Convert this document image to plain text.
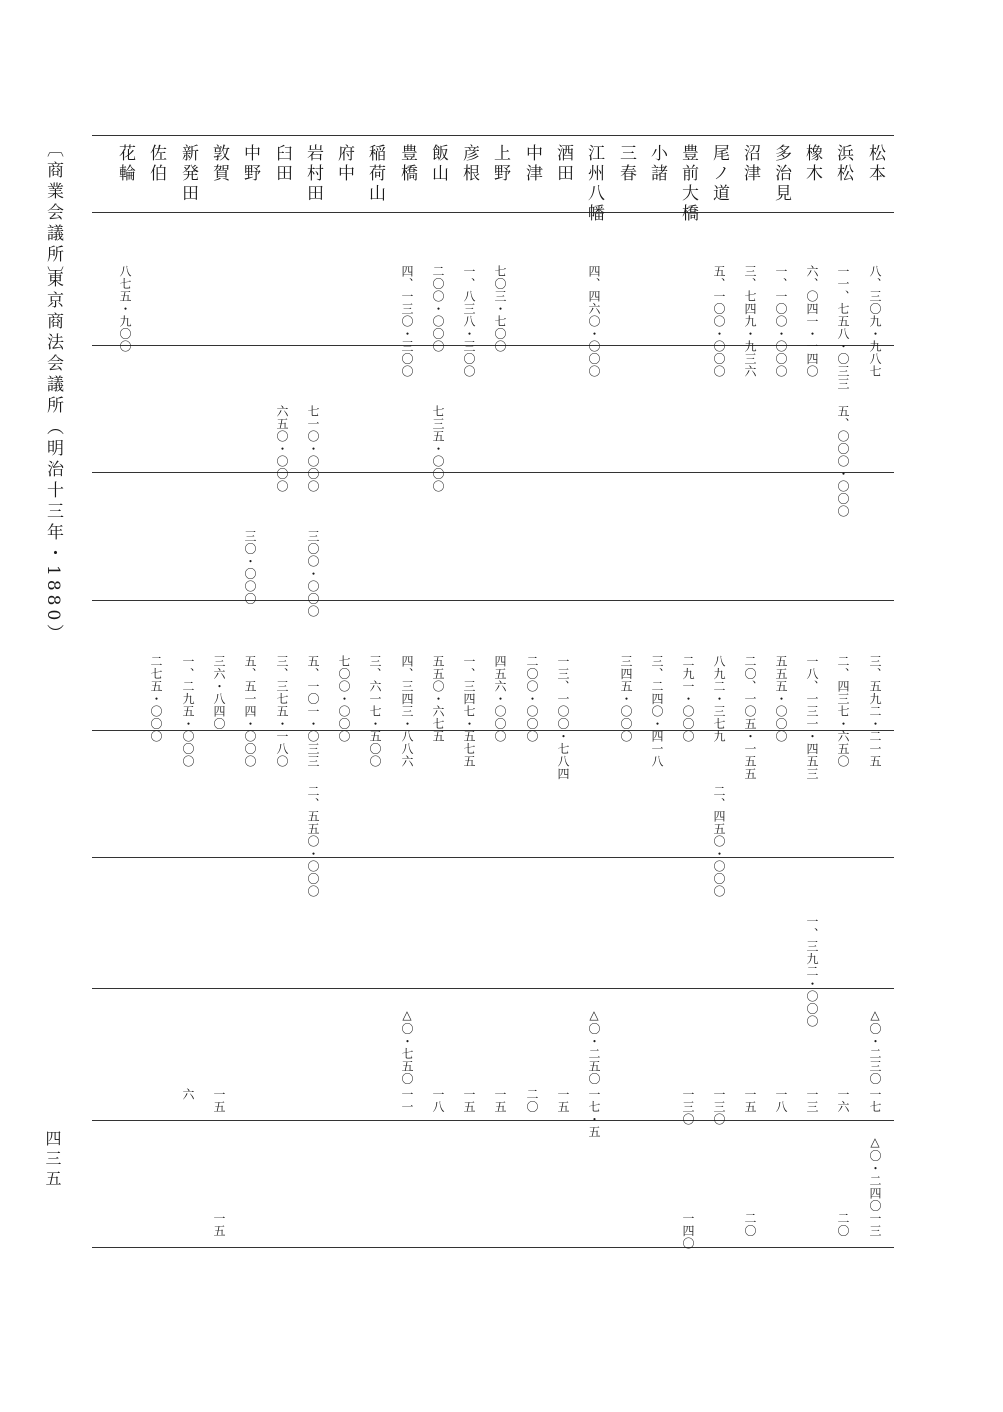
〔商業会議所〕
東京商法会議所
（明治十三年・1880）
四三五
松本
浜松
橡木
多治見
沼津
尾ノ道
豊前大橋
小諸
三春
江州八幡
酒田
中津
上野
彦根
飯山
豊橋
稲荷山
府中
岩村田
臼田
中野
敦賀
新発田
佐伯
花輪
八、三〇九・九八七
一一、七五八・〇三三
六、〇四一・一四〇
一、一〇〇・〇〇〇
三、七四九・九三六
五、一〇〇・〇〇〇
四、四六〇・〇〇〇
七〇三・七〇〇
一、八三八・三〇〇
二〇〇・〇〇〇
四、一三〇・三〇〇
八七五・九〇〇
五、〇〇〇・〇〇〇
七三五・〇〇〇
七一〇・〇〇〇
六五〇・〇〇〇
三〇〇・〇〇〇
三〇・〇〇〇
三、五九二・二一五
二、四三七・六五〇
一八、一三一・四五三
五五五・〇〇〇
二〇、一〇五・一五五
八九二・三七九
二九一・〇〇〇
三、二四〇・四一八
三四五・〇〇〇
一三、一〇〇・七八四
二〇〇・〇〇〇
四五六・〇〇〇
一、三四七・五七五
五五〇・六七五
四、三四三・八八六
三、六一七・五〇〇
七〇〇・〇〇〇
五、一〇一・〇三三
三、三七五・一八〇
五、五一四・〇〇〇
三六・八四〇
一、二九五・〇〇〇
二七五・〇〇〇
二、四五〇・〇〇〇
二、五五〇・〇〇〇
一、三九二・〇〇〇
△〇・二三〇
△〇・二五〇
△〇・七五〇
一七
一六
一三
一八
一五
一三〇
一三〇
一七・五
一五
二〇
一五
一五
一八
一一
一五
六
△〇・二四〇
一三
二〇
二〇
一四〇
一五
